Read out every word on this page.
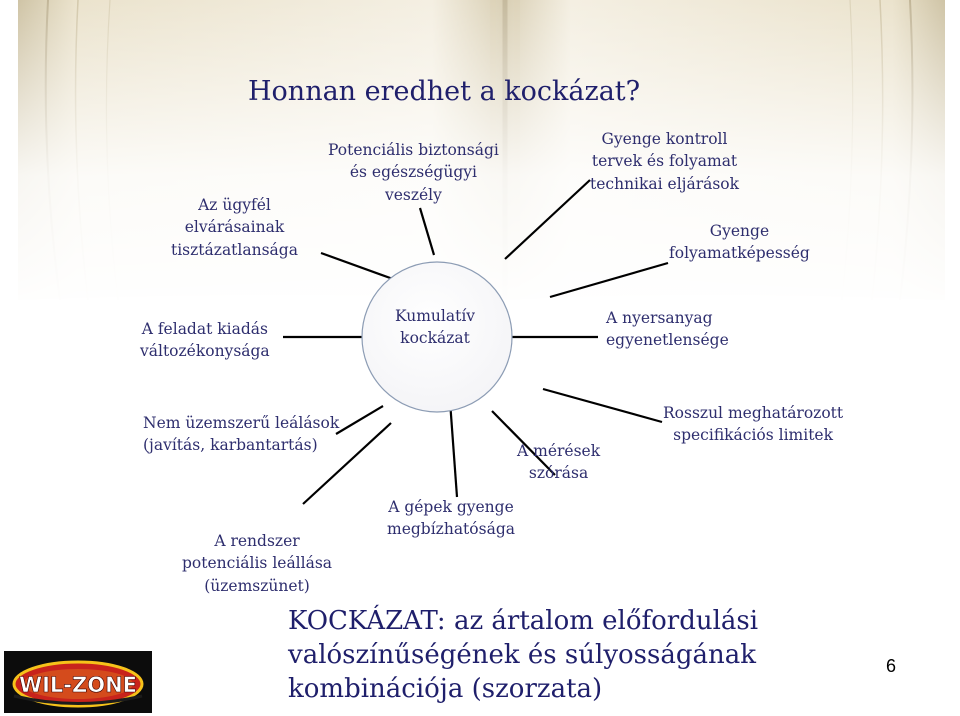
Honnan eredhet a kockázat?
Az ügyfél
elvárásainak
tisztázatlansága
Potenciális biztonsági
és egészségügyi
veszély
Gyenge kontroll
tervek és folyamat
technikai eljárások
Gyenge
folyamatképesség
A feladat kiadás
változékonysága
A nyersanyag
egyenetlensége
Nem üzemszerű leálások
(javítás, karbantartás)
Rosszul meghatározott
specifikációs limitek
A mérések
szórása
A gépek gyenge
megbízhatósága
A rendszer
potenciális leállása
(üzemszünet)
Kumulatív
kockázat
KOCKÁZAT: az ártalom előfordulási
valószínűségének és súlyosságának
kombinációja (szorzata)
6
WIL-ZONE
